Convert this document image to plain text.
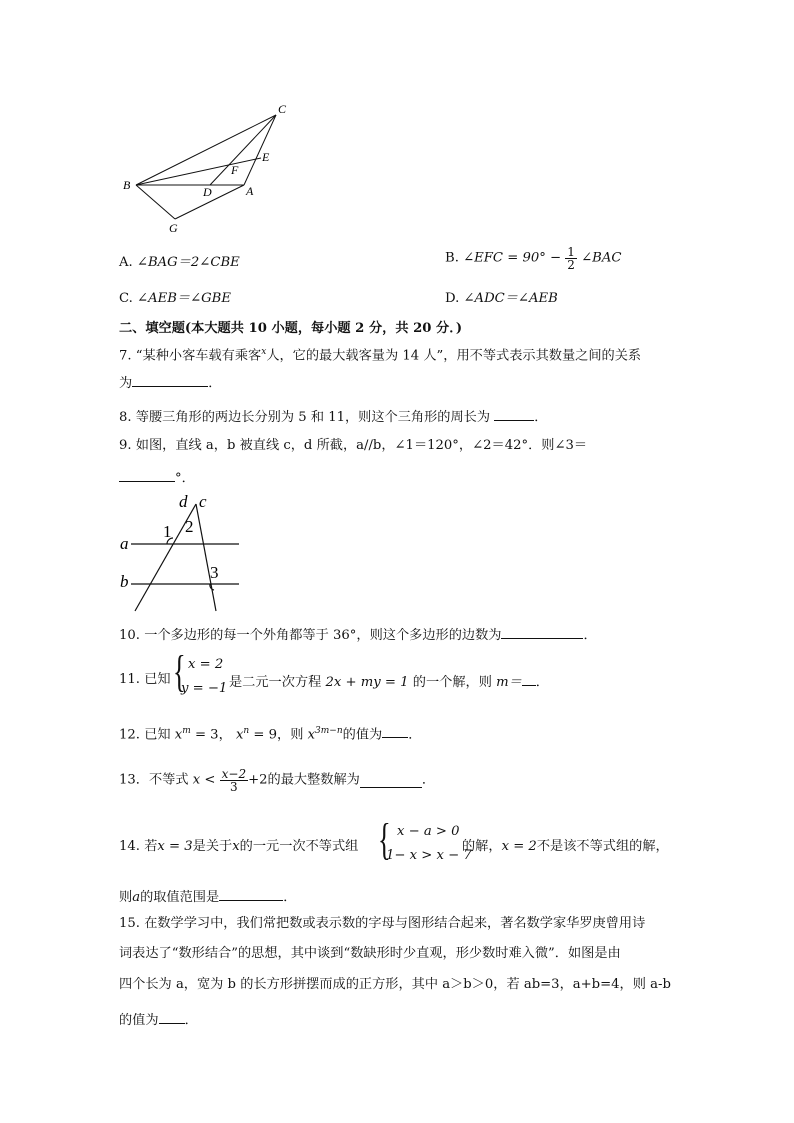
C
E
F
B	D	A
G
A. ∠BAG＝2∠CBE	B. ∠EFC = $90^\circ - \frac{1}{2}$ ∠BAC
C. ∠AEB＝∠GBE	D. ∠ADC＝∠AEB
二、填空题(本大题共 10 小题，每小题 2 分，共 20 分．)
7. “某种小客车载有乘客$^x$人，它的最大载客量为 14 人”，用不等式表示其数量之间的关系
为	．
8. 等腰三角形的两边长分别为 5 和 11，则这个三角形的周长为	．
9. 如图，直线 a，b 被直线 c，d 所截，a//b，∠1＝120°，∠2＝42°．则∠3＝
°．
d c
1 2
3
a
b
10. 一个多边形的每一个外角都等于 36°，则这个多边形的边数为	．
11. 已知 { x = 2
y = −1 是二元一次方程 2x + my = 1 的一个解，则 m＝ ．
12. 已知 $x^m = 3$， $x^n = 9$，则 $x^{3m-n}$的值为 ．
13．不等式 $x < \frac{x-2}{3} +2$的最大整数解为	．
14. 若x = 3是关于x的一元一次不等式组 { x − a > 0
1− x > x − 7
的解，x = 2不是该不等式组的解，
则a的取值范围是	．
15. 在数学学习中，我们常把数或表示数的字母与图形结合起来，著名数学家华罗庚曾用诗
词表达了“数形结合”的思想，其中谈到“数缺形时少直观，形少数时难入微”．如图是由
四个长为 a，宽为 b 的长方形拼摆而成的正方形，其中 a＞b＞0，若 ab=3，a+b=4，则 a-b
的值为 ．
